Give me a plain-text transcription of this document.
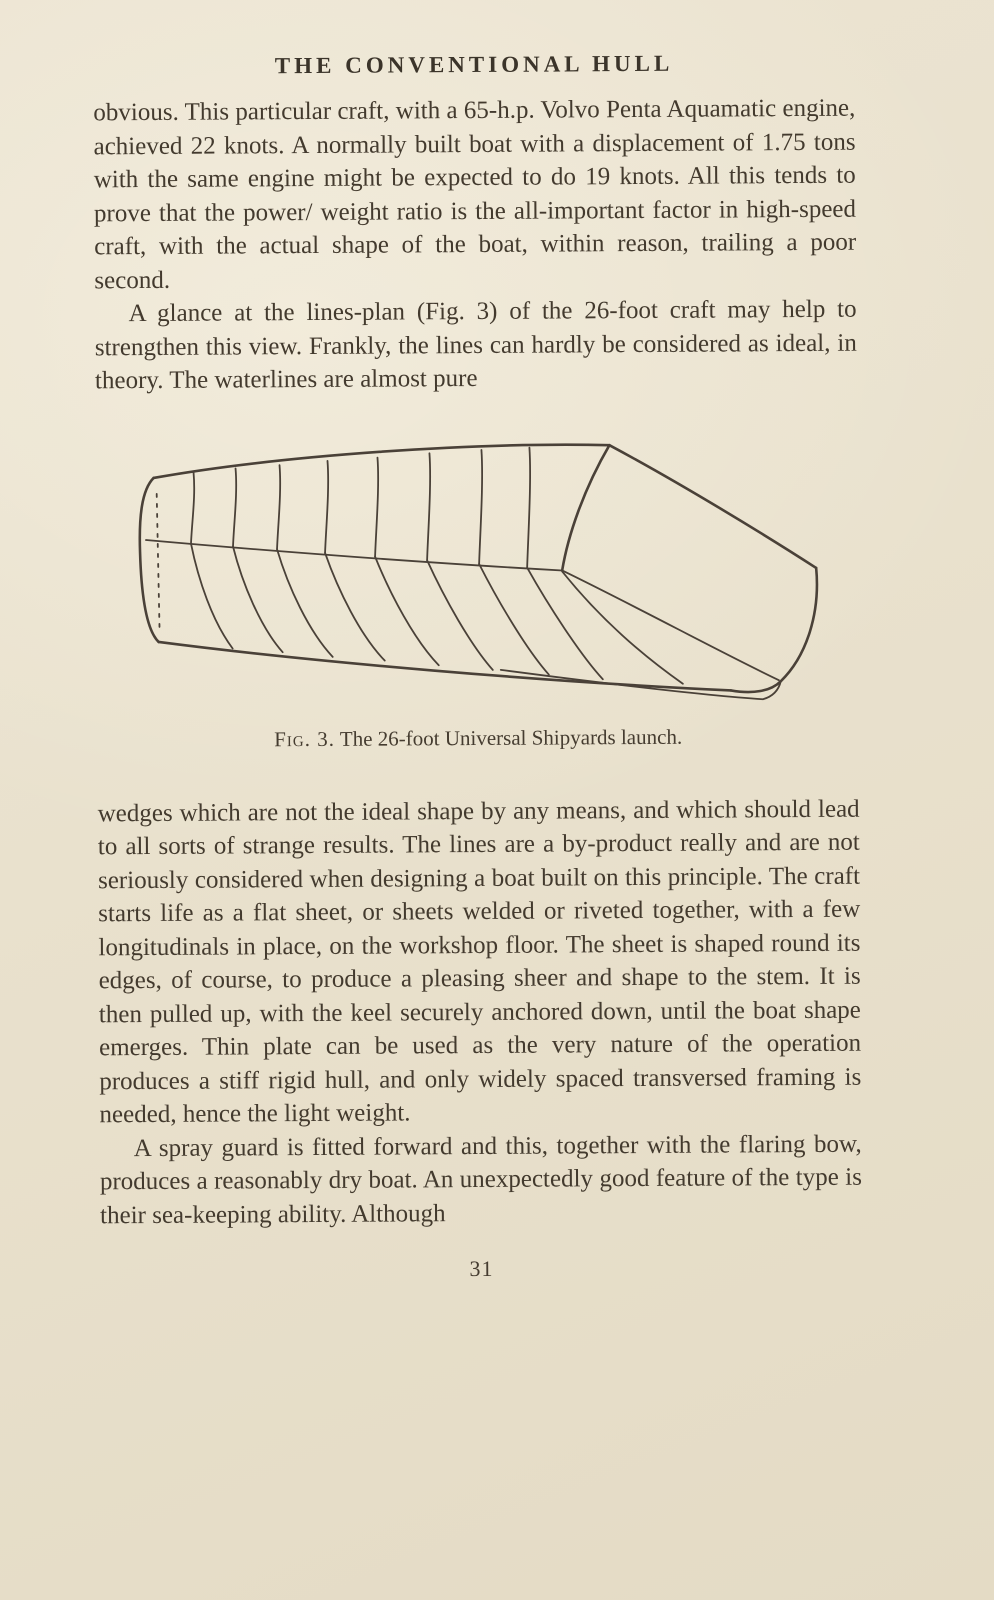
THE CONVENTIONAL HULL

obvious. This particular craft, with a 65-h.p. Volvo Penta Aquamatic engine, achieved 22 knots. A normally built boat with a displacement of 1.75 tons with the same engine might be expected to do 19 knots. All this tends to prove that the power/ weight ratio is the all-important factor in high-speed craft, with the actual shape of the boat, within reason, trailing a poor second.

A glance at the lines-plan (Fig. 3) of the 26-foot craft may help to strengthen this view. Frankly, the lines can hardly be considered as ideal, in theory. The waterlines are almost pure

Fig. 3. The 26-foot Universal Shipyards launch.

wedges which are not the ideal shape by any means, and which should lead to all sorts of strange results. The lines are a by-product really and are not seriously considered when designing a boat built on this principle. The craft starts life as a flat sheet, or sheets welded or riveted together, with a few longitudinals in place, on the workshop floor. The sheet is shaped round its edges, of course, to produce a pleasing sheer and shape to the stem. It is then pulled up, with the keel securely anchored down, until the boat shape emerges. Thin plate can be used as the very nature of the operation produces a stiff rigid hull, and only widely spaced transversed framing is needed, hence the light weight.

A spray guard is fitted forward and this, together with the flaring bow, produces a reasonably dry boat. An unexpectedly good feature of the type is their sea-keeping ability. Although

31
